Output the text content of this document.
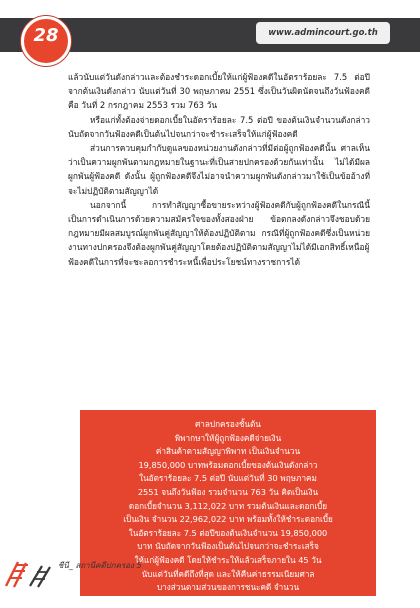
www.admincourt.go.th
28

แล้วนับแต่วันดังกล่าวและต้องชำระดอกเบี้ยให้แก่ผู้ฟ้องคดีในอัตราร้อยละ 7.5 ต่อปี จากต้นเงินดังกล่าว นับแต่วันที่ 30 พฤษภาคม 2551 ซึ่งเป็นวันผิดนัดจนถึงวันฟ้องคดี คือ วันที่ 2 กรกฎาคม 2553 รวม 763 วัน

หรือแก่ทั้งต้องจ่ายดอกเบี้ยในอัตราร้อยละ 7.5 ต่อปี ของต้นเงินจำนวนดังกล่าว นับถัดจากวันฟ้องคดีเป็นต้นไปจนกว่าจะชำระเสร็จให้แก่ผู้ฟ้องคดี

ส่วนการควบคุมกำกับดูแลของหน่วยงานดังกล่าวที่มีต่อผู้ถูกฟ้องคดีนั้น ศาลเห็นว่าเป็นความผูกพันตามกฎหมายในฐานะที่เป็นสายปกครองด้วยกันเท่านั้น ไม่ได้มีผลผูกพันผู้ฟ้องคดี ดังนั้น ผู้ถูกฟ้องคดีจึงไม่อาจนำความผูกพันดังกล่าวมาใช้เป็นข้ออ้างที่จะไม่ปฏิบัติตามสัญญาได้

นอกจากนี้ การทำสัญญาซื้อขายระหว่างผู้ฟ้องคดีกับผู้ถูกฟ้องคดีในกรณีนี้เป็นการดำเนินการด้วยความสมัครใจของทั้งสองฝ่าย ข้อตกลงดังกล่าวจึงชอบด้วยกฎหมายมีผลสมบูรณ์ผูกพันคู่สัญญาให้ต้องปฏิบัติตาม กรณีที่ผู้ถูกฟ้องคดีซึ่งเป็นหน่วยงานทางปกครองจึงต้องผูกพันคู่สัญญาโดยต้องปฏิบัติตามสัญญาไม่ได้มีเอกสิทธิ์เหนือผู้ฟ้องคดีในการที่จะชะลอการชำระหนี้เพื่อประโยชน์ทางราชการได้

ศาลปกครองชั้นต้น
พิพากษาให้ผู้ถูกฟ้องคดีจ่ายเงิน
ค่าสินค้าตามสัญญาพิพาท เป็นเงินจำนวน
19,850,000 บาทพร้อมดอกเบี้ยของต้นเงินดังกล่าว
ในอัตราร้อยละ 7.5 ต่อปี นับแต่วันที่ 30 พฤษภาคม
2551 จนถึงวันฟ้อง รวมจำนวน 763 วัน คิดเป็นเงิน
ดอกเบี้ยจำนวน 3,112,022 บาท รวมต้นเงินและดอกเบี้ย
เป็นเงิน จำนวน 22,962,022 บาท พร้อมทั้งให้ชำระดอกเบี้ย
ในอัตราร้อยละ 7.5 ต่อปีของต้นเงินจำนวน 19,850,000
บาท นับถัดจากวันฟ้องเป็นต้นไปจนกว่าจะชำระเสร็จ
ให้แก่ผู้ฟ้องคดี โดยให้ชำระให้แล้วเสร็จภายใน 45 วัน
นับแต่วันที่คดีถึงที่สุด และให้คืนค่าธรรมเนียมศาล
บางส่วนตามส่วนของการชนะคดี จำนวน
197,920 บาท แก่ผู้ฟ้องคดี
ชีนี_ สถานีคดีปกครอง 5
